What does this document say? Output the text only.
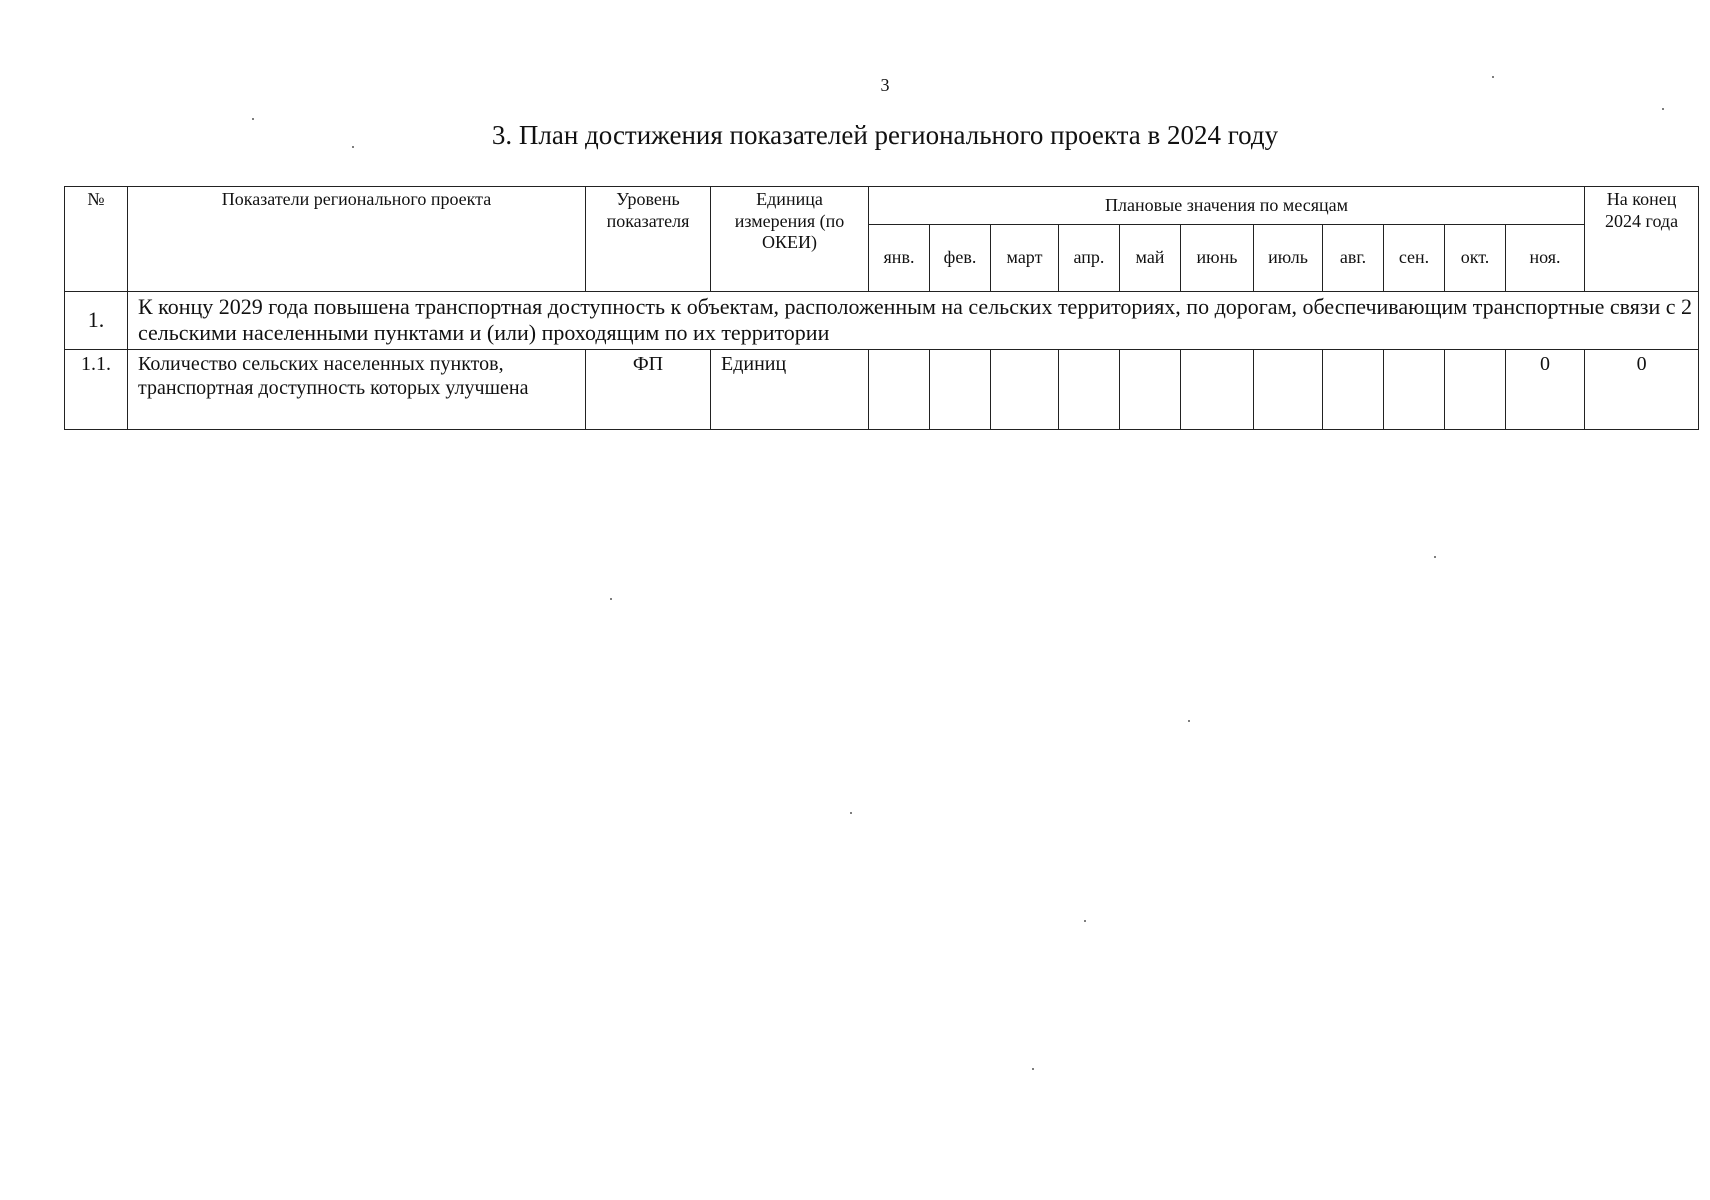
3
3. План достижения показателей регионального проекта в 2024 году
№	Показатели регионального проекта	Уровень показателя	Единица измерения (по ОКЕИ)	Плановые значения по месяцам											На конец 2024 года
				янв.	фев.	март	апр.	май	июнь	июль	авг.	сен.	окт.	ноя.	
1.	К концу 2029 года повышена транспортная доступность к объектам, расположенным на сельских территориях, по дорогам, обеспечивающим транспортные связи с 2 сельскими населенными пунктами и (или) проходящим по их территории														
1.1.	Количество сельских населенных пунктов, транспортная доступность которых улучшена	ФП	Единиц											0	0
